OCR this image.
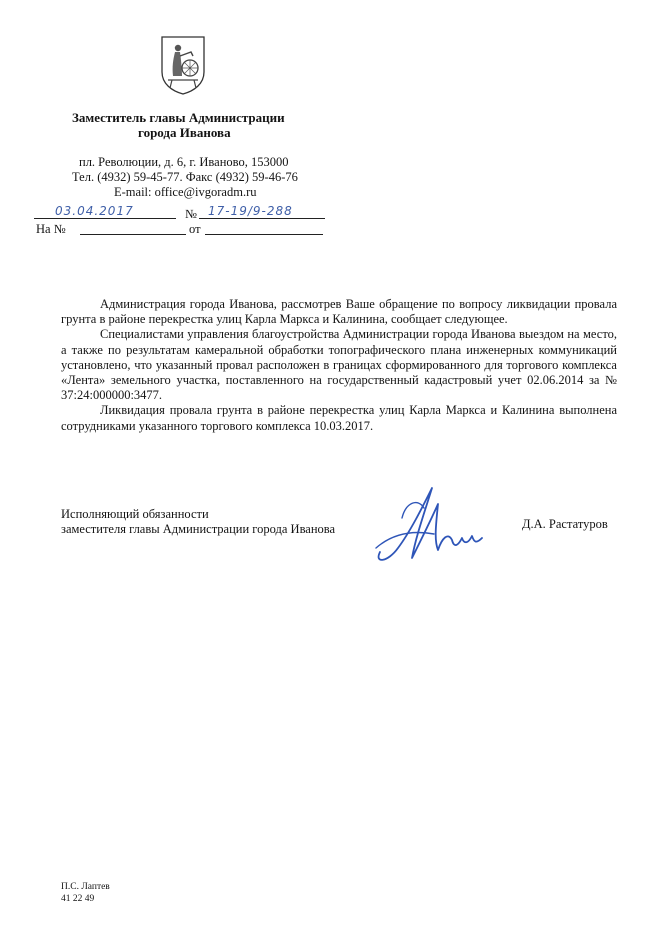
Заместитель главы Администрации
города Иванова
пл. Революции, д. 6, г. Иваново, 153000
Тел. (4932) 59-45-77. Факс (4932) 59-46-76
E-mail: office@ivgoradm.ru
03.04.2017	№ 17-19/9-288
На №	от

Администрация города Иванова, рассмотрев Ваше обращение по вопросу ликвидации провала грунта в районе перекрестка улиц Карла Маркса и Калинина, сообщает следующее.

Специалистами управления благоустройства Администрации города Иванова выездом на место, а также по результатам камеральной обработки топографического плана инженерных коммуникаций установлено, что указанный провал расположен в границах сформированного для торгового комплекса «Лента» земельного участка, поставленного на государственный кадастровый учет 02.06.2014 за № 37:24:000000:3477.

Ликвидация провала грунта в районе перекрестка улиц Карла Маркса и Калинина выполнена сотрудниками указанного торгового комплекса 10.03.2017.

Исполняющий обязанности
заместителя главы Администрации города Иванова	Д.А. Растатуров
П.С. Лаптев
41 22 49
